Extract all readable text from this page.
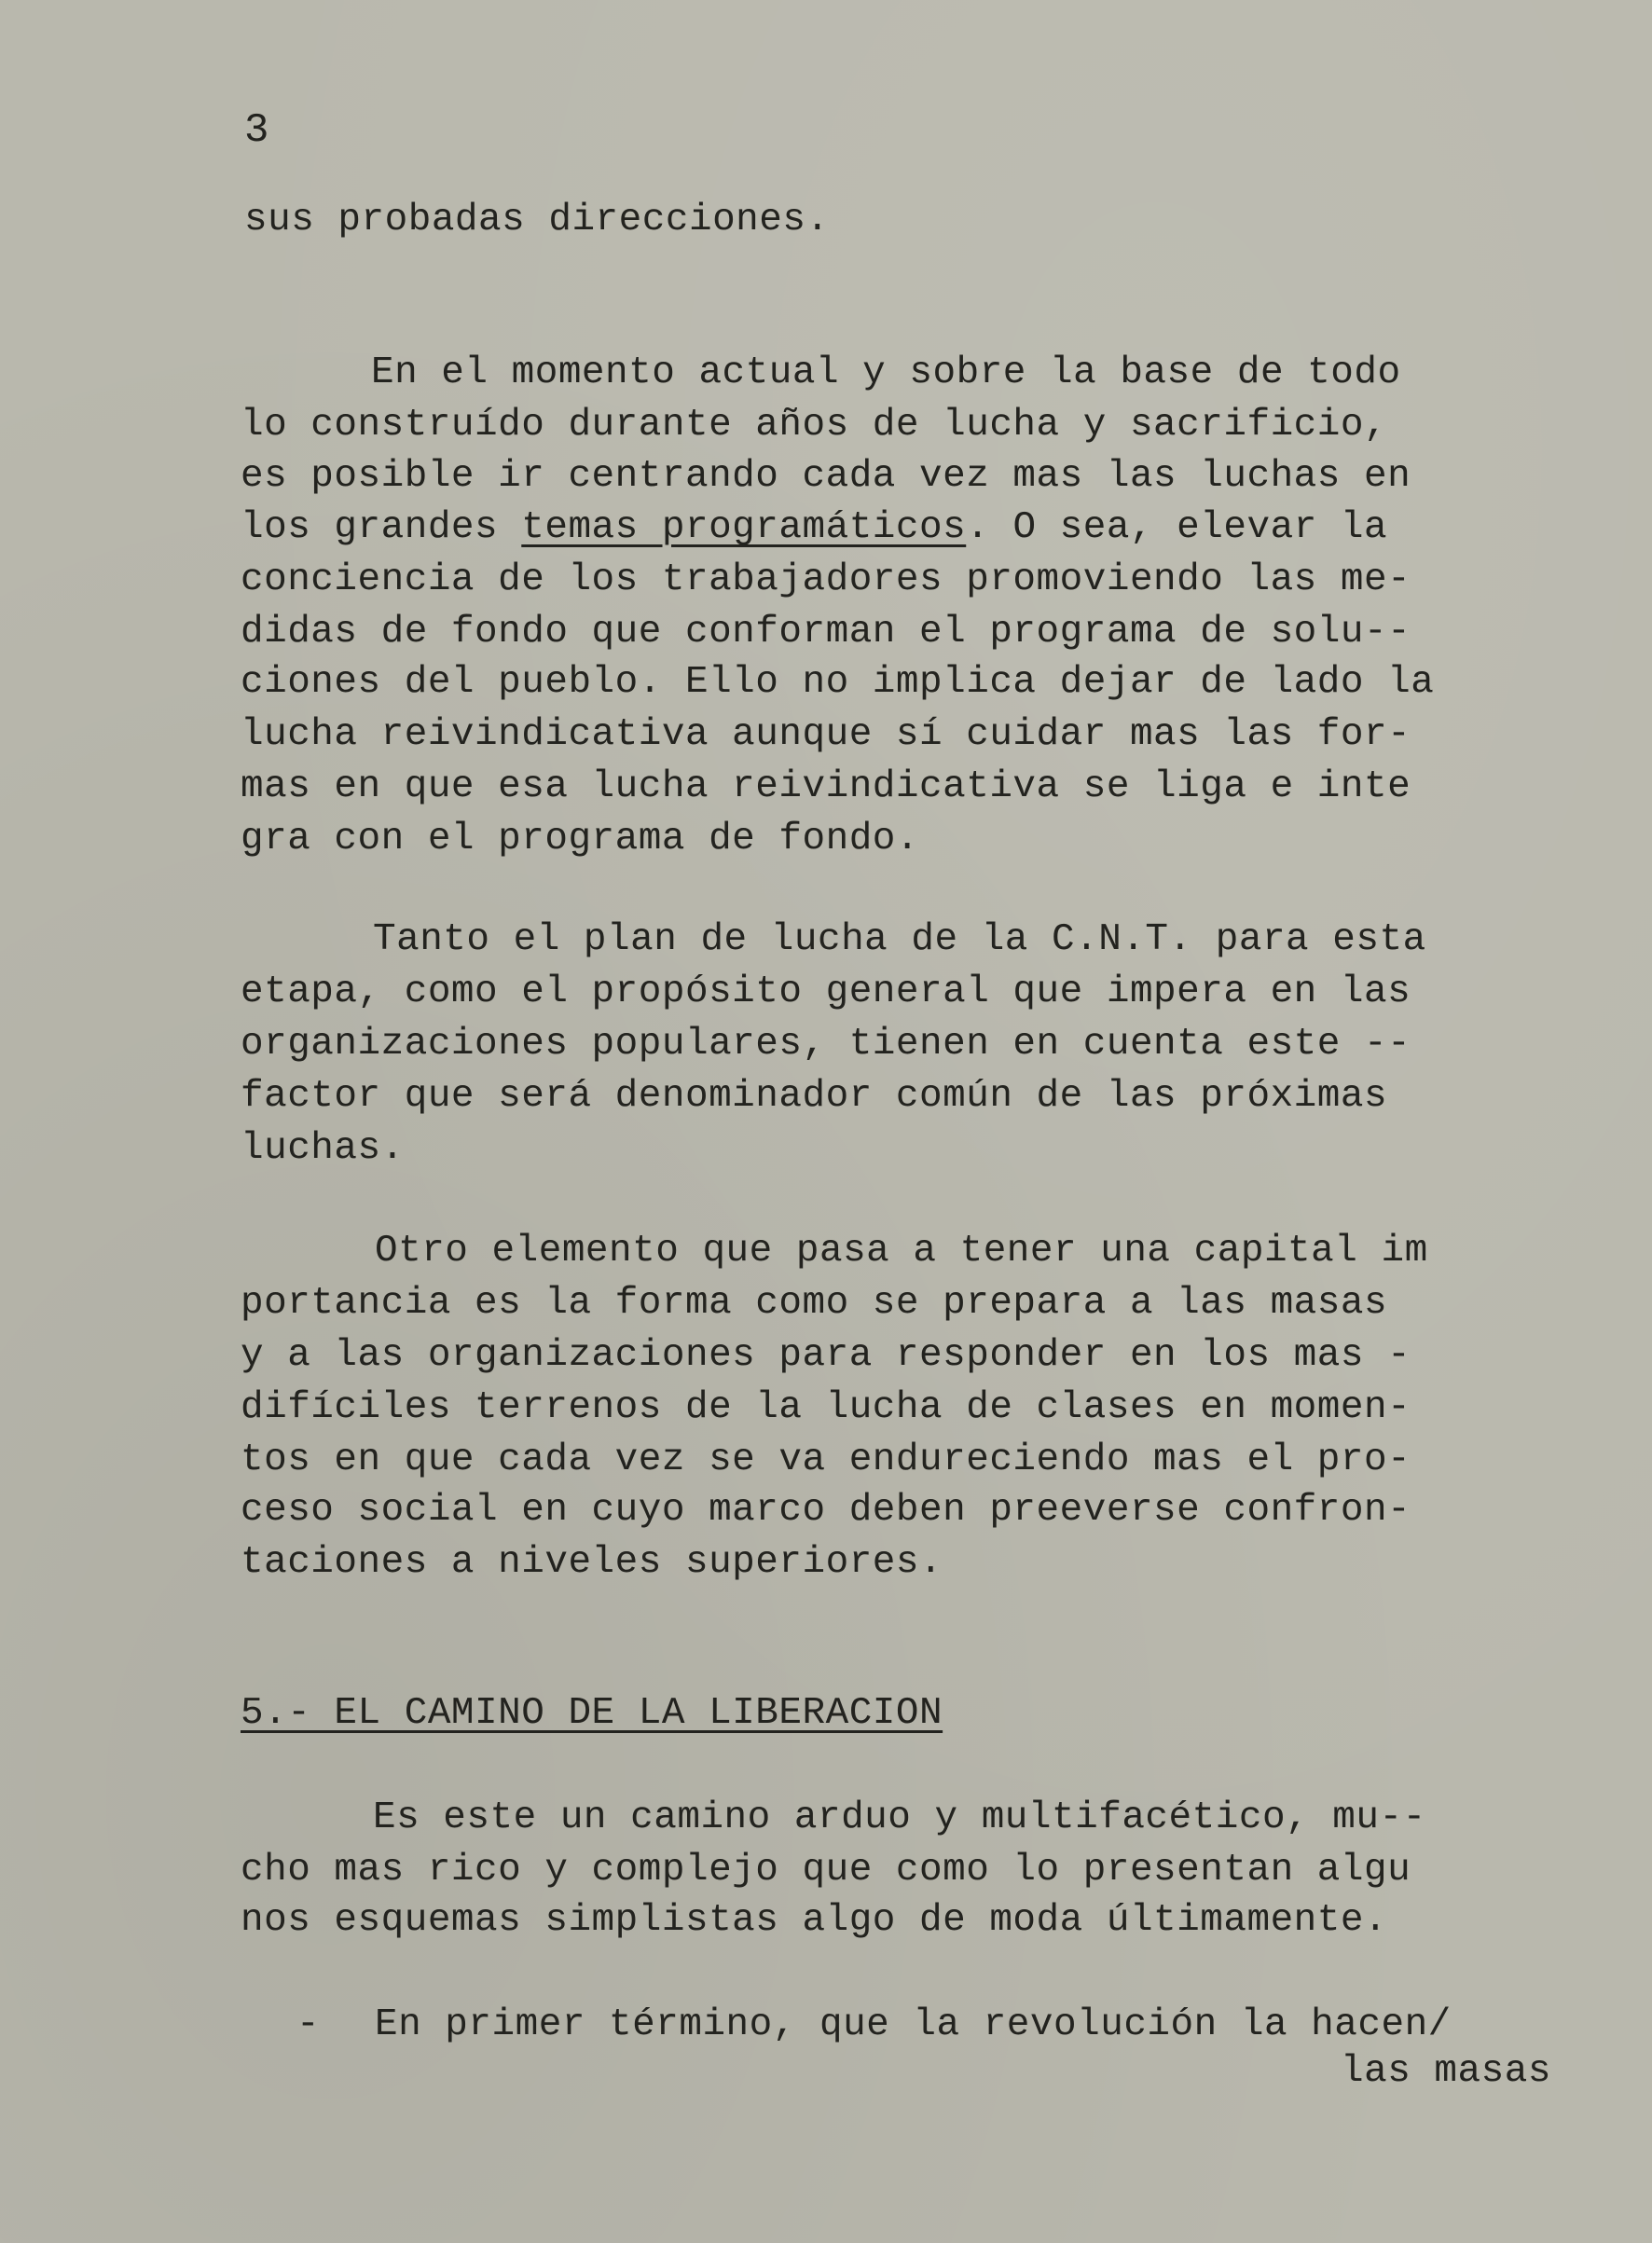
3
sus probadas direcciones.
En el momento actual y sobre la base de todo
lo construído durante años de lucha y sacrificio,
es posible ir centrando cada vez mas las luchas en
los grandes temas programáticos. O sea, elevar la
conciencia de los trabajadores promoviendo las me-
didas de fondo que conforman el programa de solu--
ciones del pueblo. Ello no implica dejar de lado la
lucha reivindicativa aunque sí cuidar mas las for-
mas en que esa lucha reivindicativa se liga e inte
gra con el programa de fondo.
Tanto el plan de lucha de la C.N.T. para esta
etapa, como el propósito general que impera en las
organizaciones populares, tienen en cuenta este --
factor que será denominador común de las próximas
luchas.
Otro elemento que pasa a tener una capital im
portancia es la forma como se prepara a las masas
y a las organizaciones para responder en los mas -
difíciles terrenos de la lucha de clases en momen-
tos en que cada vez se va endureciendo mas el pro-
ceso social en cuyo marco deben preeverse confron-
taciones a niveles superiores.
5.- EL CAMINO DE LA LIBERACION
Es este un camino arduo y multifacético, mu--
cho mas rico y complejo que como lo presentan algu
nos esquemas simplistas algo de moda últimamente.
- En primer término, que la revolución la hacen/
las masas
